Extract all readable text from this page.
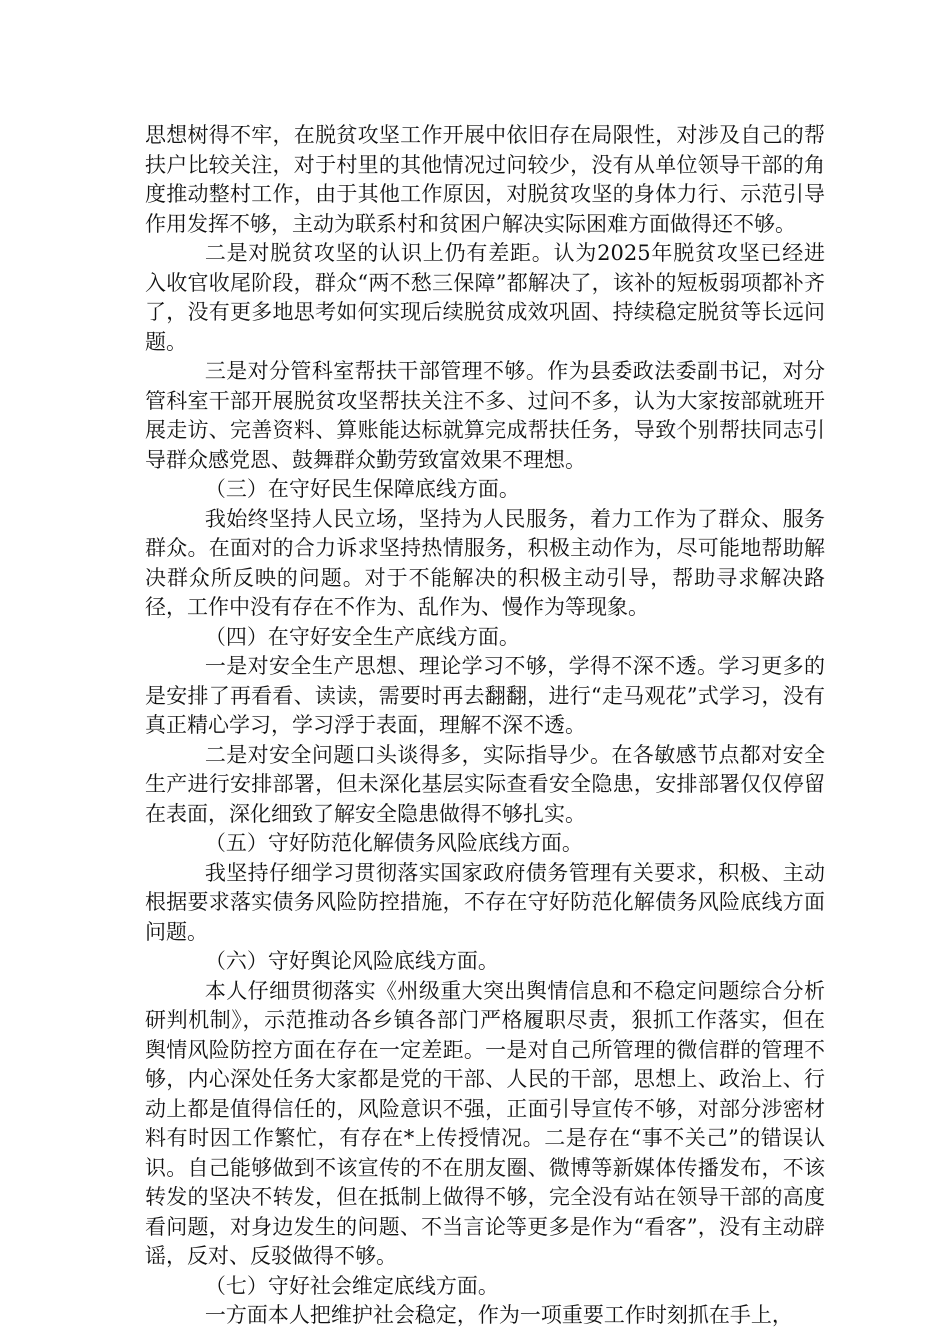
思想树得不牢，在脱贫攻坚工作开展中依旧存在局限性，对涉及自己的帮扶户比较关注，对于村里的其他情况过问较少，没有从单位领导干部的角度推动整村工作，由于其他工作原因，对脱贫攻坚的身体力行、示范引导作用发挥不够，主动为联系村和贫困户解决实际困难方面做得还不够。

二是对脱贫攻坚的认识上仍有差距。认为2025年脱贫攻坚已经进入收官收尾阶段，群众“两不愁三保障”都解决了，该补的短板弱项都补齐了，没有更多地思考如何实现后续脱贫成效巩固、持续稳定脱贫等长远问题。

三是对分管科室帮扶干部管理不够。作为县委政法委副书记，对分管科室干部开展脱贫攻坚帮扶关注不多、过问不多，认为大家按部就班开展走访、完善资料、算账能达标就算完成帮扶任务，导致个别帮扶同志引导群众感党恩、鼓舞群众勤劳致富效果不理想。

（三）在守好民生保障底线方面。

我始终坚持人民立场，坚持为人民服务，着力工作为了群众、服务群众。在面对的合力诉求坚持热情服务，积极主动作为，尽可能地帮助解决群众所反映的问题。对于不能解决的积极主动引导，帮助寻求解决路径，工作中没有存在不作为、乱作为、慢作为等现象。

（四）在守好安全生产底线方面。

一是对安全生产思想、理论学习不够，学得不深不透。学习更多的是安排了再看看、读读，需要时再去翻翻，进行“走马观花”式学习，没有真正精心学习，学习浮于表面，理解不深不透。

二是对安全问题口头谈得多，实际指导少。在各敏感节点都对安全生产进行安排部署，但未深化基层实际查看安全隐患，安排部署仅仅停留在表面，深化细致了解安全隐患做得不够扎实。

（五）守好防范化解债务风险底线方面。

我坚持仔细学习贯彻落实国家政府债务管理有关要求，积极、主动根据要求落实债务风险防控措施，不存在守好防范化解债务风险底线方面问题。

（六）守好舆论风险底线方面。

本人仔细贯彻落实《州级重大突出舆情信息和不稳定问题综合分析研判机制》，示范推动各乡镇各部门严格履职尽责，狠抓工作落实，但在舆情风险防控方面在存在一定差距。一是对自己所管理的微信群的管理不够，内心深处任务大家都是党的干部、人民的干部，思想上、政治上、行动上都是值得信任的，风险意识不强，正面引导宣传不够，对部分涉密材料有时因工作繁忙，有存在*上传授情况。二是存在“事不关己”的错误认识。自己能够做到不该宣传的不在朋友圈、微博等新媒体传播发布，不该转发的坚决不转发，但在抵制上做得不够，完全没有站在领导干部的高度看问题，对身边发生的问题、不当言论等更多是作为“看客”，没有主动辟谣，反对、反驳做得不够。

（七）守好社会维定底线方面。

一方面本人把维护社会稳定，作为一项重要工作时刻抓在手上，
